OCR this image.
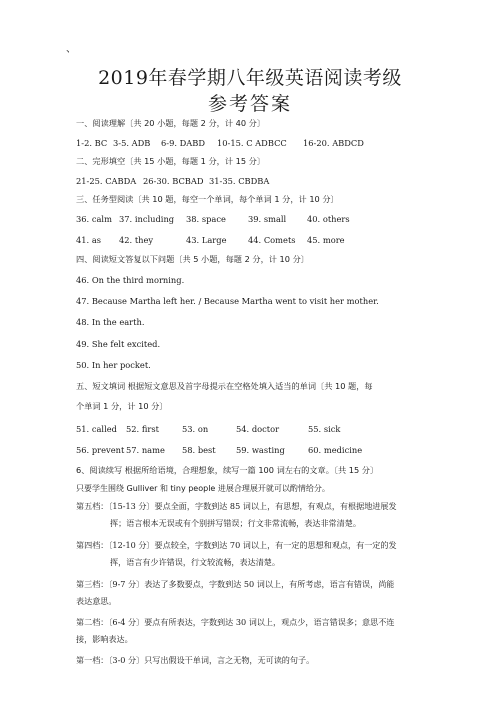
、
2019年春学期八年级英语阅读考级
参考答案
一、阅读理解〔共 20 小题，每题 2 分，计 40 分〕
1-2. BC 3-5. ADB 6-9. DABD 10-15. C ADBCC 16-20. ABDCD
二、完形填空〔共 15 小题，每题 1 分，计 15 分〕
21-25. CABDA 26-30. BCBAD 31-35. CBDBA
三、任务型阅读〔共 10 题，每空一个单词，每个单词 1 分，计 10 分〕
36. calm 37. including 38. space	39. small	40. others
41. as 42. they	43. Large	44. Comets 45. more
四、阅读短文答复以下问题〔共 5 小题，每题 2 分，计 10 分〕
46. On the third morning.
47. Because Martha left her. / Because Martha went to visit her mother.
48. In the earth.
49. She felt excited.
50. In her pocket.
五、短文填词 根据短文意思及首字母提示在空格处填入适当的单词〔共 10 题，每
个单词 1 分，计 10 分〕
51. called 52. first	53. on	54. doctor	55. sick
56. prevent 57. name 58. best 59. wasting	60. medicine
6、阅读续写 根据所给语境，合理想象，续写一篇 100 词左右的文章。〔共 15 分〕
只要学生围绕 Gulliver 和 tiny people 进展合理展开就可以酌情给分。
第五档：〔15-13 分〕要点全面，字数到达 85 词以上，有思想，有观点，有根据地进展发
挥；语言根本无误或有个别拼写错误；行文非常流畅，表达非常清楚。
第四档：〔12-10 分〕要点较全，字数到达 70 词以上，有一定的思想和观点，有一定的发
挥，语言有少许错误，行文较流畅，表达清楚。
第三档：〔9-7 分〕表达了多数要点，字数到达 50 词以上，有所考虑，语言有错误，尚能
表达意思。
第二档：〔6-4 分〕要点有所表达，字数到达 30 词以上，观点少，语言错误多；意思不连
接，影响表达。
第一档：〔3-0 分〕只写出假设干单词，言之无物，无可读的句子。
